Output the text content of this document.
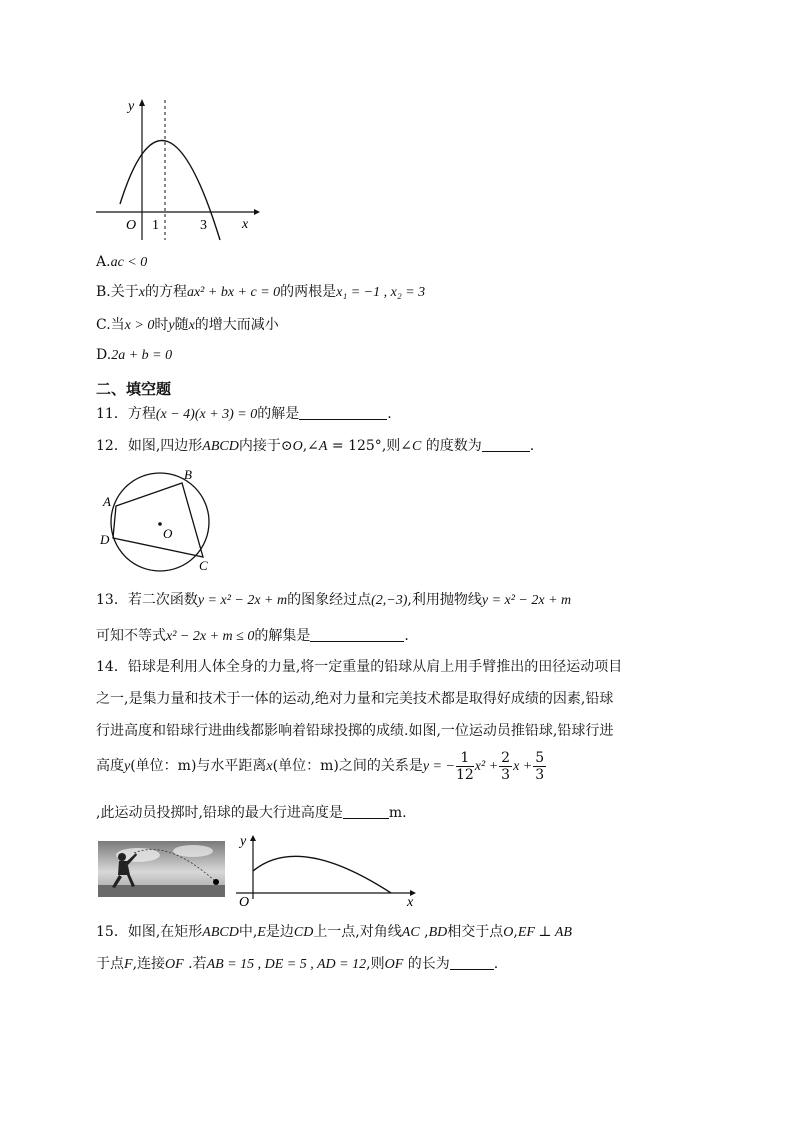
y
x
O 1	3
A.ac < 0
B.关于x的方程ax² + bx + c = 0的两根是x₁ = −1 , x₂ = 3
C.当x > 0时y随x的增大而减小
D.2a + b = 0
二、填空题
11．方程(x − 4)(x + 3) = 0的解是	.
12．如图,四边形ABCD内接于⊙O,∠A = 125°,则∠C 的度数为	.
A
B
C
D	O
13．若二次函数y = x² − 2x + m的图象经过点(2,−3),利用抛物线y = x² − 2x + m
可知不等式x² − 2x + m ≤ 0的解集是	.
14．铅球是利用人体全身的力量,将一定重量的铅球从肩上用手臂推出的田径运动项目
之一,是集力量和技术于一体的运动,绝对力量和完美技术都是取得好成绩的因素,铅球
行进高度和铅球行进曲线都影响着铅球投掷的成绩.如图,一位运动员推铅球,铅球行进
高度y(单位：m)与水平距离x(单位：m)之间的关系是y = − $\frac{1}{12} x^2 + \frac{2}{3}$ $x + \frac{5}{3}$
,此运动员投掷时,铅球的最大行进高度是	m.
y
x
O
15．如图,在矩形ABCD中,E是边CD上一点,对角线AC ,BD相交于点O,EF ⊥ AB
于点F,连接OF .若AB = 15 , DE = 5 , AD = 12,则OF 的长为	.
